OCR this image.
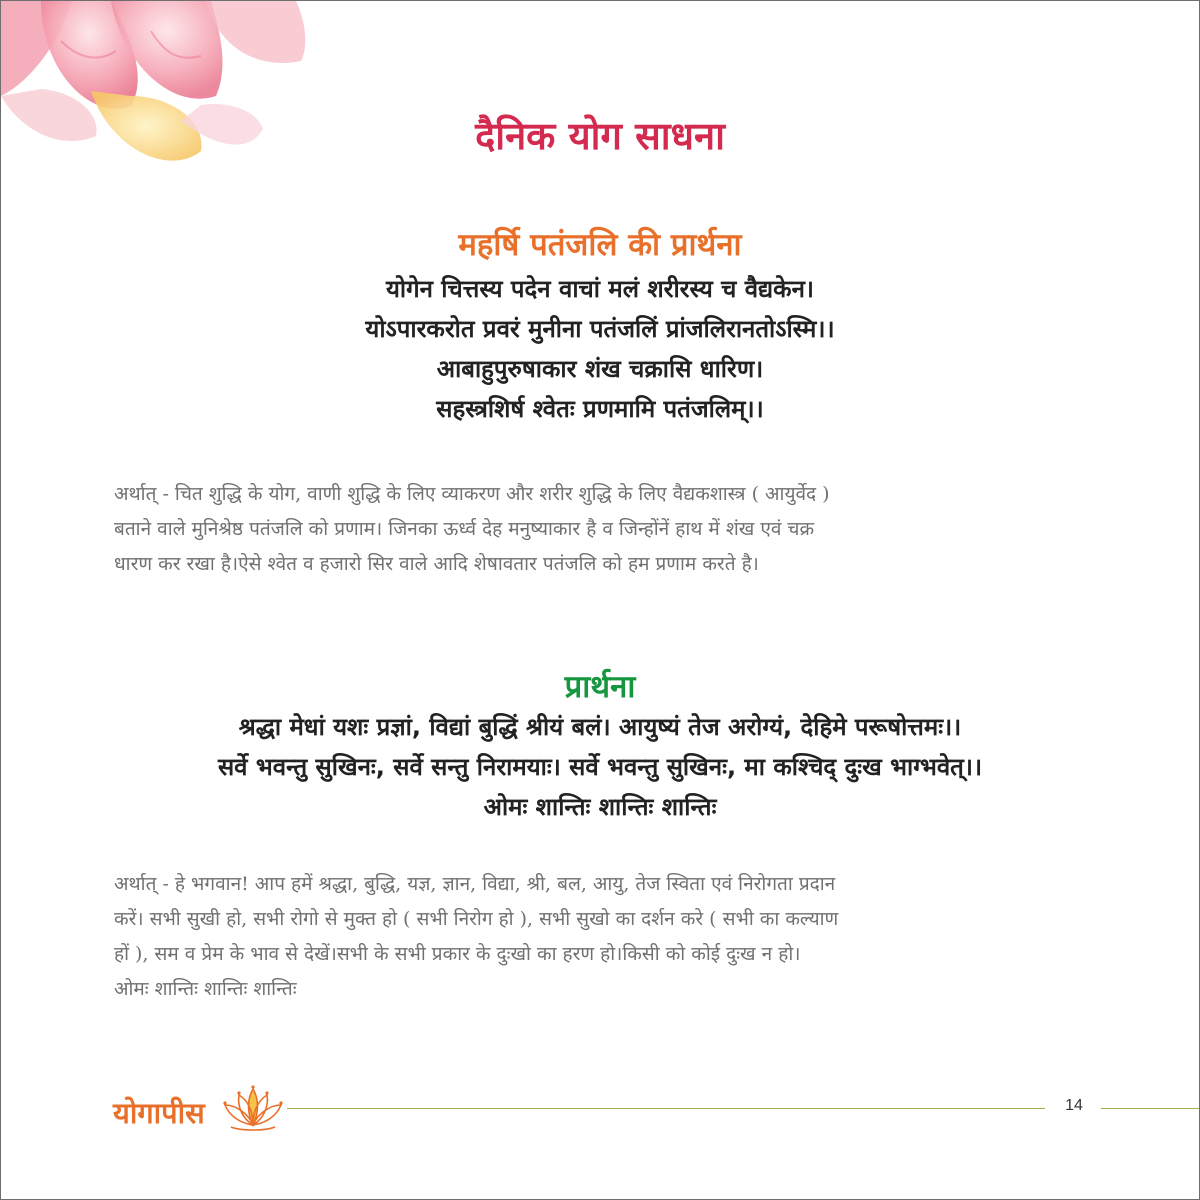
दैनिक योग साधना
महर्षि पतंजलि की प्रार्थना
योगेन चित्तस्य पदेन वाचां मलं शरीरस्य च वैद्यकेन।
योऽपारकरोत प्रवरं मुनीना पतंजलिं प्रांजलिरानतोऽस्मि।।
आबाहुपुरुषाकार शंख चक्रासि धारिण।
सहस्त्रशिर्ष श्वेतः प्रणमामि पतंजलिम्।।
अर्थात् - चित शुद्धि के योग, वाणी शुद्धि के लिए व्याकरण और शरीर शुद्धि के लिए वैद्यकशास्त्र ( आयुर्वेद )
बताने वाले मुनिश्रेष्ठ पतंजलि को प्रणाम। जिनका ऊर्ध्व देह मनुष्याकार है व जिन्होंनें हाथ में शंख एवं चक्र
धारण कर रखा है।ऐसे श्वेत व हजारो सिर वाले आदि शेषावतार पतंजलि को हम प्रणाम करते है।
प्रार्थना
श्रद्धा मेधां यशः प्रज्ञां, विद्यां बुद्धिं श्रीयं बलं। आयुष्यं तेज अरोग्यं, देहिमे परूषोत्तमः।।
सर्वे भवन्तु सुखिनः, सर्वे सन्तु निरामयाः। सर्वे भवन्तु सुखिनः, मा कश्चिद् दुःख भाग्भवेत्।।
ओमः शान्तिः शान्तिः शान्तिः
अर्थात् - हे भगवान! आप हमें श्रद्धा, बुद्धि, यज्ञ, ज्ञान, विद्या, श्री, बल, आयु, तेज स्विता एवं निरोगता प्रदान
करें। सभी सुखी हो, सभी रोगो से मुक्त हो ( सभी निरोग हो ), सभी सुखो का दर्शन करे ( सभी का कल्याण
हों ), सम व प्रेम के भाव से देखें।सभी के सभी प्रकार के दुःखो का हरण हो।किसी को कोई दुःख न हो।
ओमः शान्तिः शान्तिः शान्तिः
योगापीस	14
